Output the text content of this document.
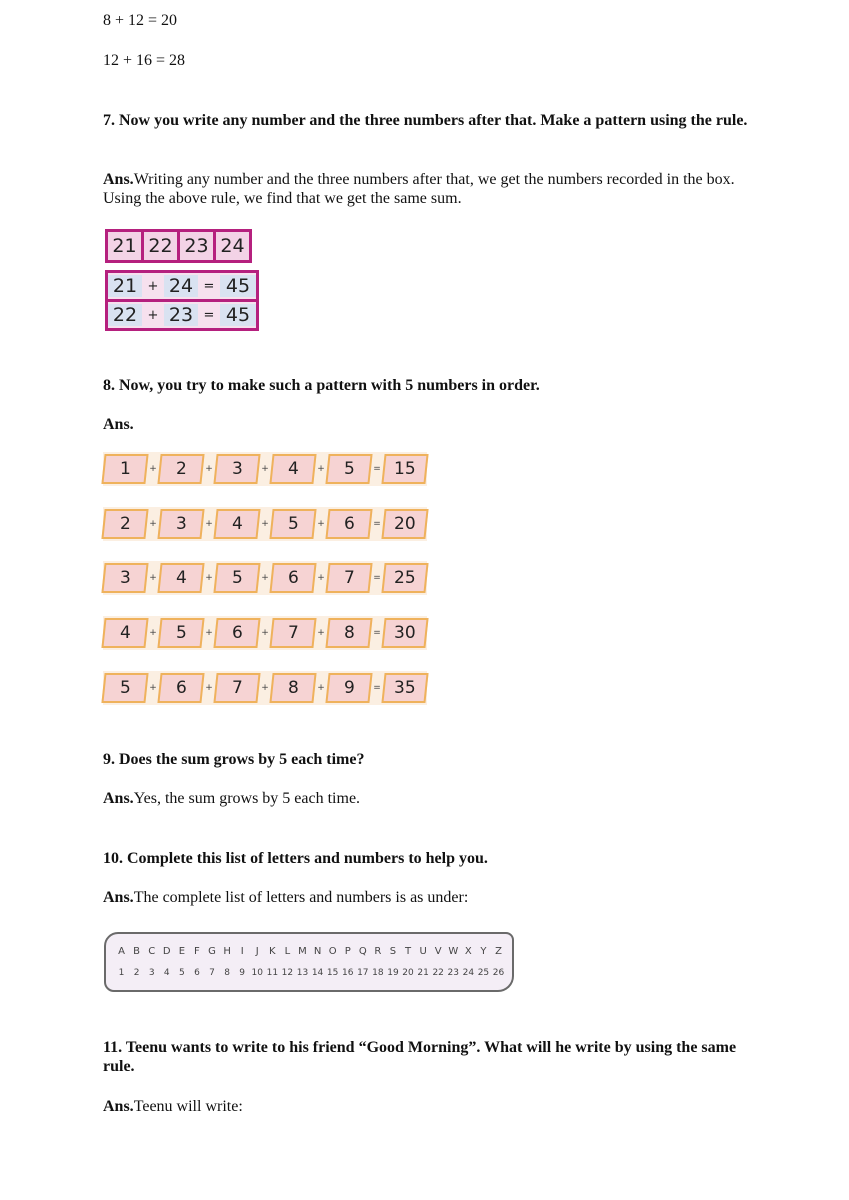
8 + 12 = 20
12 + 16 = 28
7. Now you write any number and the three numbers after that. Make a pattern using the rule.
Ans.Writing any number and the three numbers after that, we get the numbers recorded in the box. Using the above rule, we find that we get the same sum.
21 22 23 24
21 + 24 = 45
22 + 23 = 45
8. Now, you try to make such a pattern with 5 numbers in order.
Ans.
1 + 2 + 3 + 4 + 5 = 15
2 + 3 + 4 + 5 + 6 = 20
3 + 4 + 5 + 6 + 7 = 25
4 + 5 + 6 + 7 + 8 = 30
5 + 6 + 7 + 8 + 9 = 35
9. Does the sum grows by 5 each time?
Ans.Yes, the sum grows by 5 each time.
10. Complete this list of letters and numbers to help you.
Ans.The complete list of letters and numbers is as under:
A B C D E F G H I	J	K L M N O P Q R S T U V W X Y Z
1	2	3	4	5	6	7	8	9 10 11 12 13 14 15 16 17 18 19 20 21 22 23 24 25 26
11. Teenu wants to write to his friend “Good Morning”. What will he write by using the same rule.
Ans.Teenu will write:
